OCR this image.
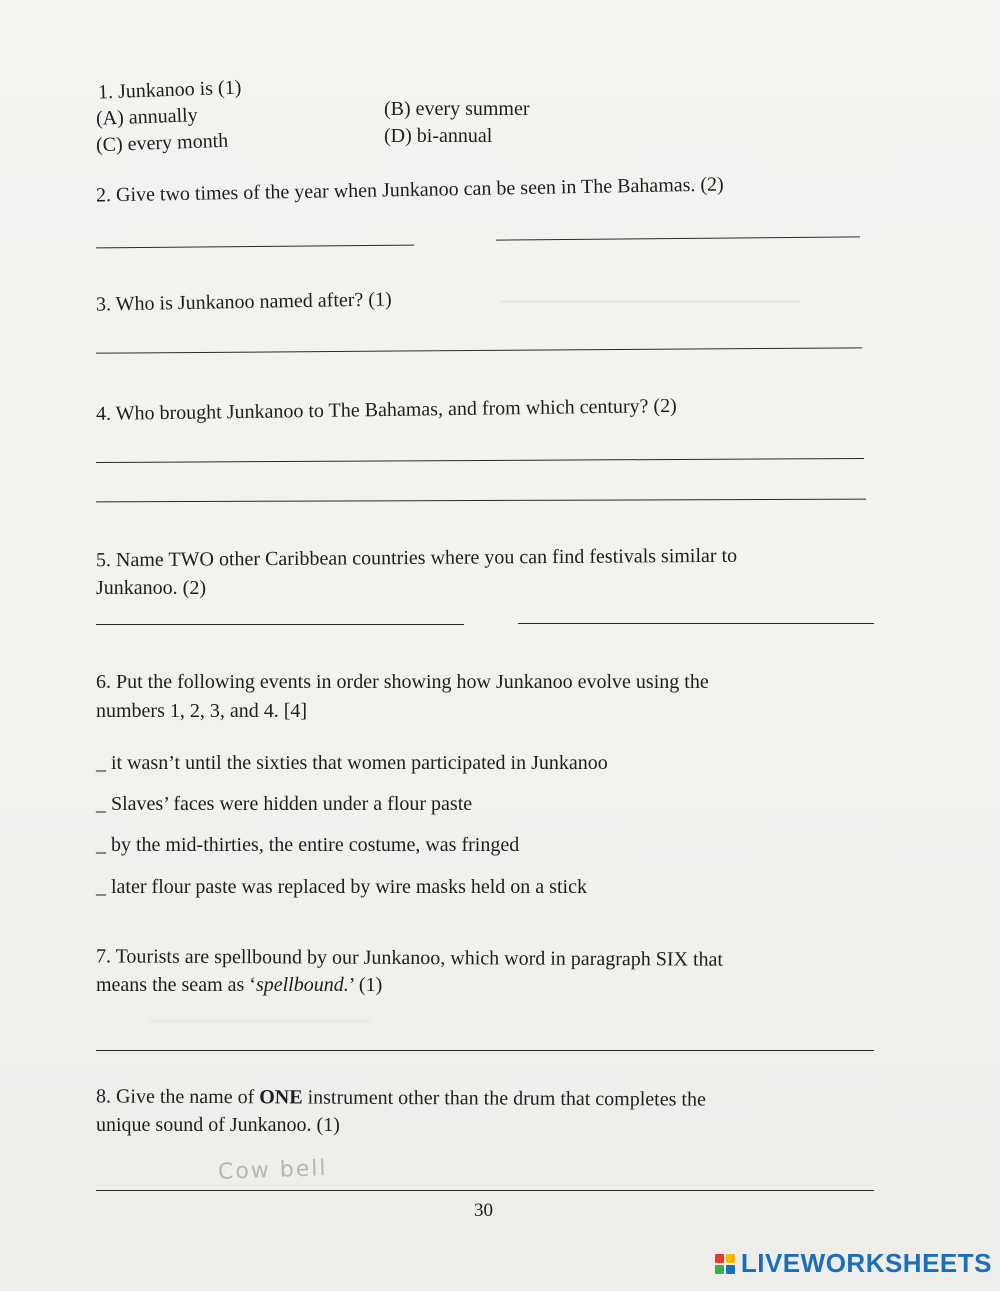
1. Junkanoo is (1)
(A) annually	(B) every summer
(C) every month	(D) bi-annual
2. Give two times of the year when Junkanoo can be seen in The Bahamas. (2)
3. Who is Junkanoo named after? (1)
4. Who brought Junkanoo to The Bahamas, and from which century? (2)
5. Name TWO other Caribbean countries where you can find festivals similar to
Junkanoo. (2)
6. Put the following events in order showing how Junkanoo evolve using the
numbers 1, 2, 3, and 4. [4]
_ it wasn’t until the sixties that women participated in Junkanoo
_ Slaves’ faces were hidden under a flour paste
_ by the mid-thirties, the entire costume, was fringed
_ later flour paste was replaced by wire masks held on a stick
7. Tourists are spellbound by our Junkanoo, which word in paragraph SIX that
means the seam as ‘spellbound.’ (1)
8. Give the name of ONE instrument other than the drum that completes the
unique sound of Junkanoo. (1)
Cow bell
30
LIVEWORKSHEETS
